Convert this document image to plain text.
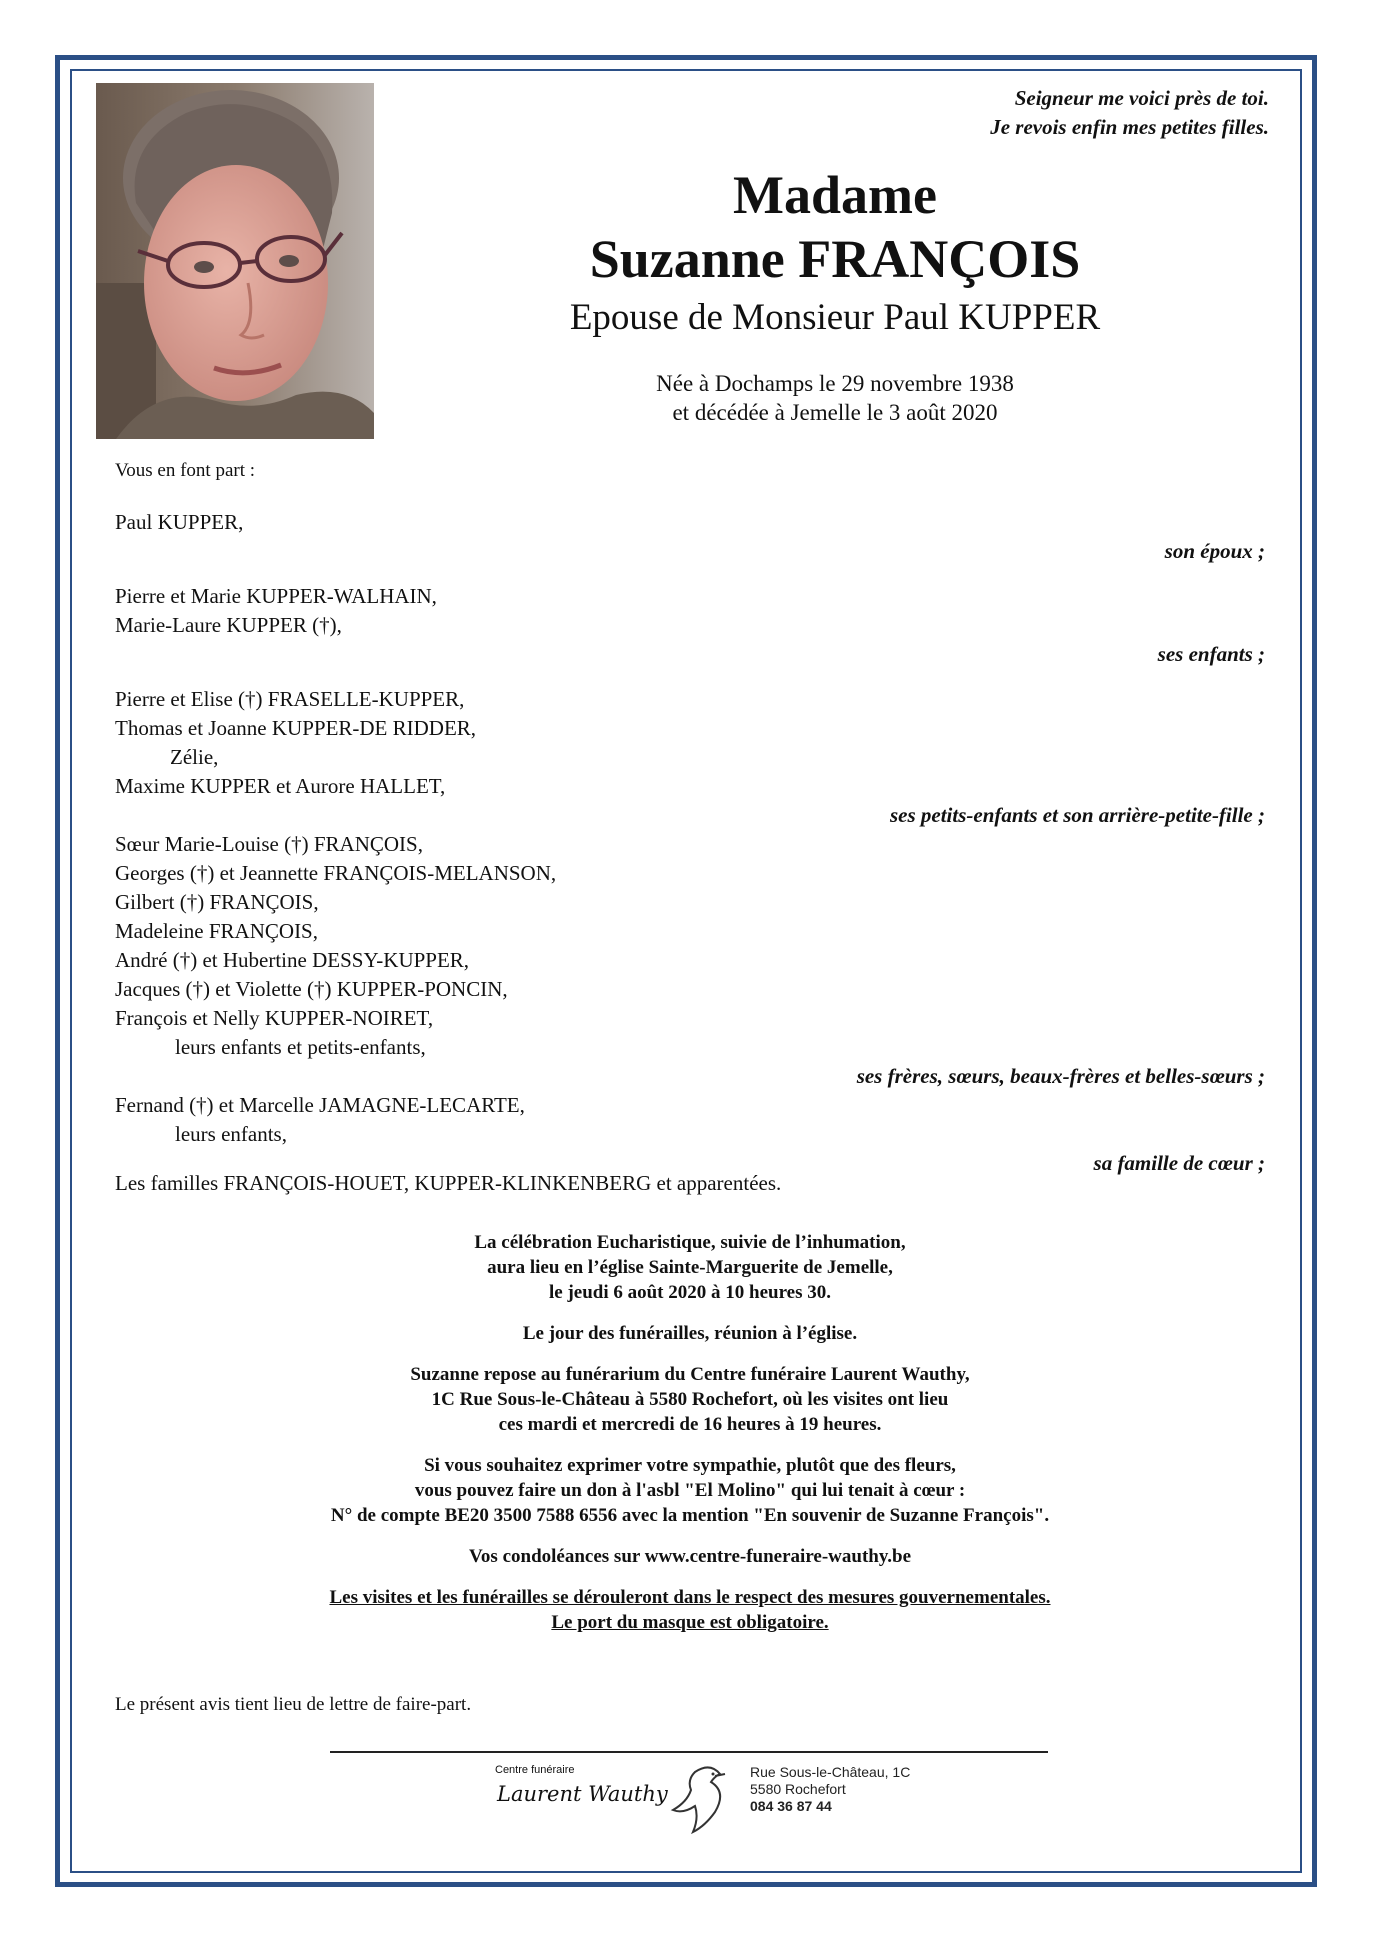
Seigneur me voici près de toi.
Je revois enfin mes petites filles.
Madame
Suzanne FRANÇOIS
Epouse de Monsieur Paul KUPPER
Née à Dochamps le 29 novembre 1938
et décédée à Jemelle le 3 août 2020
Vous en font part :
Paul KUPPER,
son époux ;
Pierre et Marie KUPPER-WALHAIN,
Marie-Laure KUPPER (†),
ses enfants ;
Pierre et Elise (†) FRASELLE-KUPPER,
Thomas et Joanne KUPPER-DE RIDDER,
Zélie,
Maxime KUPPER et Aurore HALLET,
ses petits-enfants et son arrière-petite-fille ;
Sœur Marie-Louise (†) FRANÇOIS,
Georges (†) et Jeannette FRANÇOIS-MELANSON,
Gilbert (†) FRANÇOIS,
Madeleine FRANÇOIS,
André (†) et Hubertine DESSY-KUPPER,
Jacques (†) et Violette (†) KUPPER-PONCIN,
François et Nelly KUPPER-NOIRET,
leurs enfants et petits-enfants,
ses frères, sœurs, beaux-frères et belles-sœurs ;
Fernand (†) et Marcelle JAMAGNE-LECARTE,
leurs enfants,
sa famille de cœur ;
Les familles FRANÇOIS-HOUET, KUPPER-KLINKENBERG et apparentées.
La célébration Eucharistique, suivie de l’inhumation,
aura lieu en l’église Sainte-Marguerite de Jemelle,
le jeudi 6 août 2020 à 10 heures 30.
Le jour des funérailles, réunion à l’église.
Suzanne repose au funérarium du Centre funéraire Laurent Wauthy,
1C Rue Sous-le-Château à 5580 Rochefort, où les visites ont lieu
ces mardi et mercredi de 16 heures à 19 heures.
Si vous souhaitez exprimer votre sympathie, plutôt que des fleurs,
vous pouvez faire un don à l'asbl "El Molino" qui lui tenait à cœur :
N° de compte BE20 3500 7588 6556 avec la mention "En souvenir de Suzanne François".
Vos condoléances sur www.centre-funeraire-wauthy.be
Les visites et les funérailles se dérouleront dans le respect des mesures gouvernementales.
Le port du masque est obligatoire.
Le présent avis tient lieu de lettre de faire-part.
Centre funéraire
Laurent Wauthy
Rue Sous-le-Château, 1C
5580 Rochefort
084 36 87 44
